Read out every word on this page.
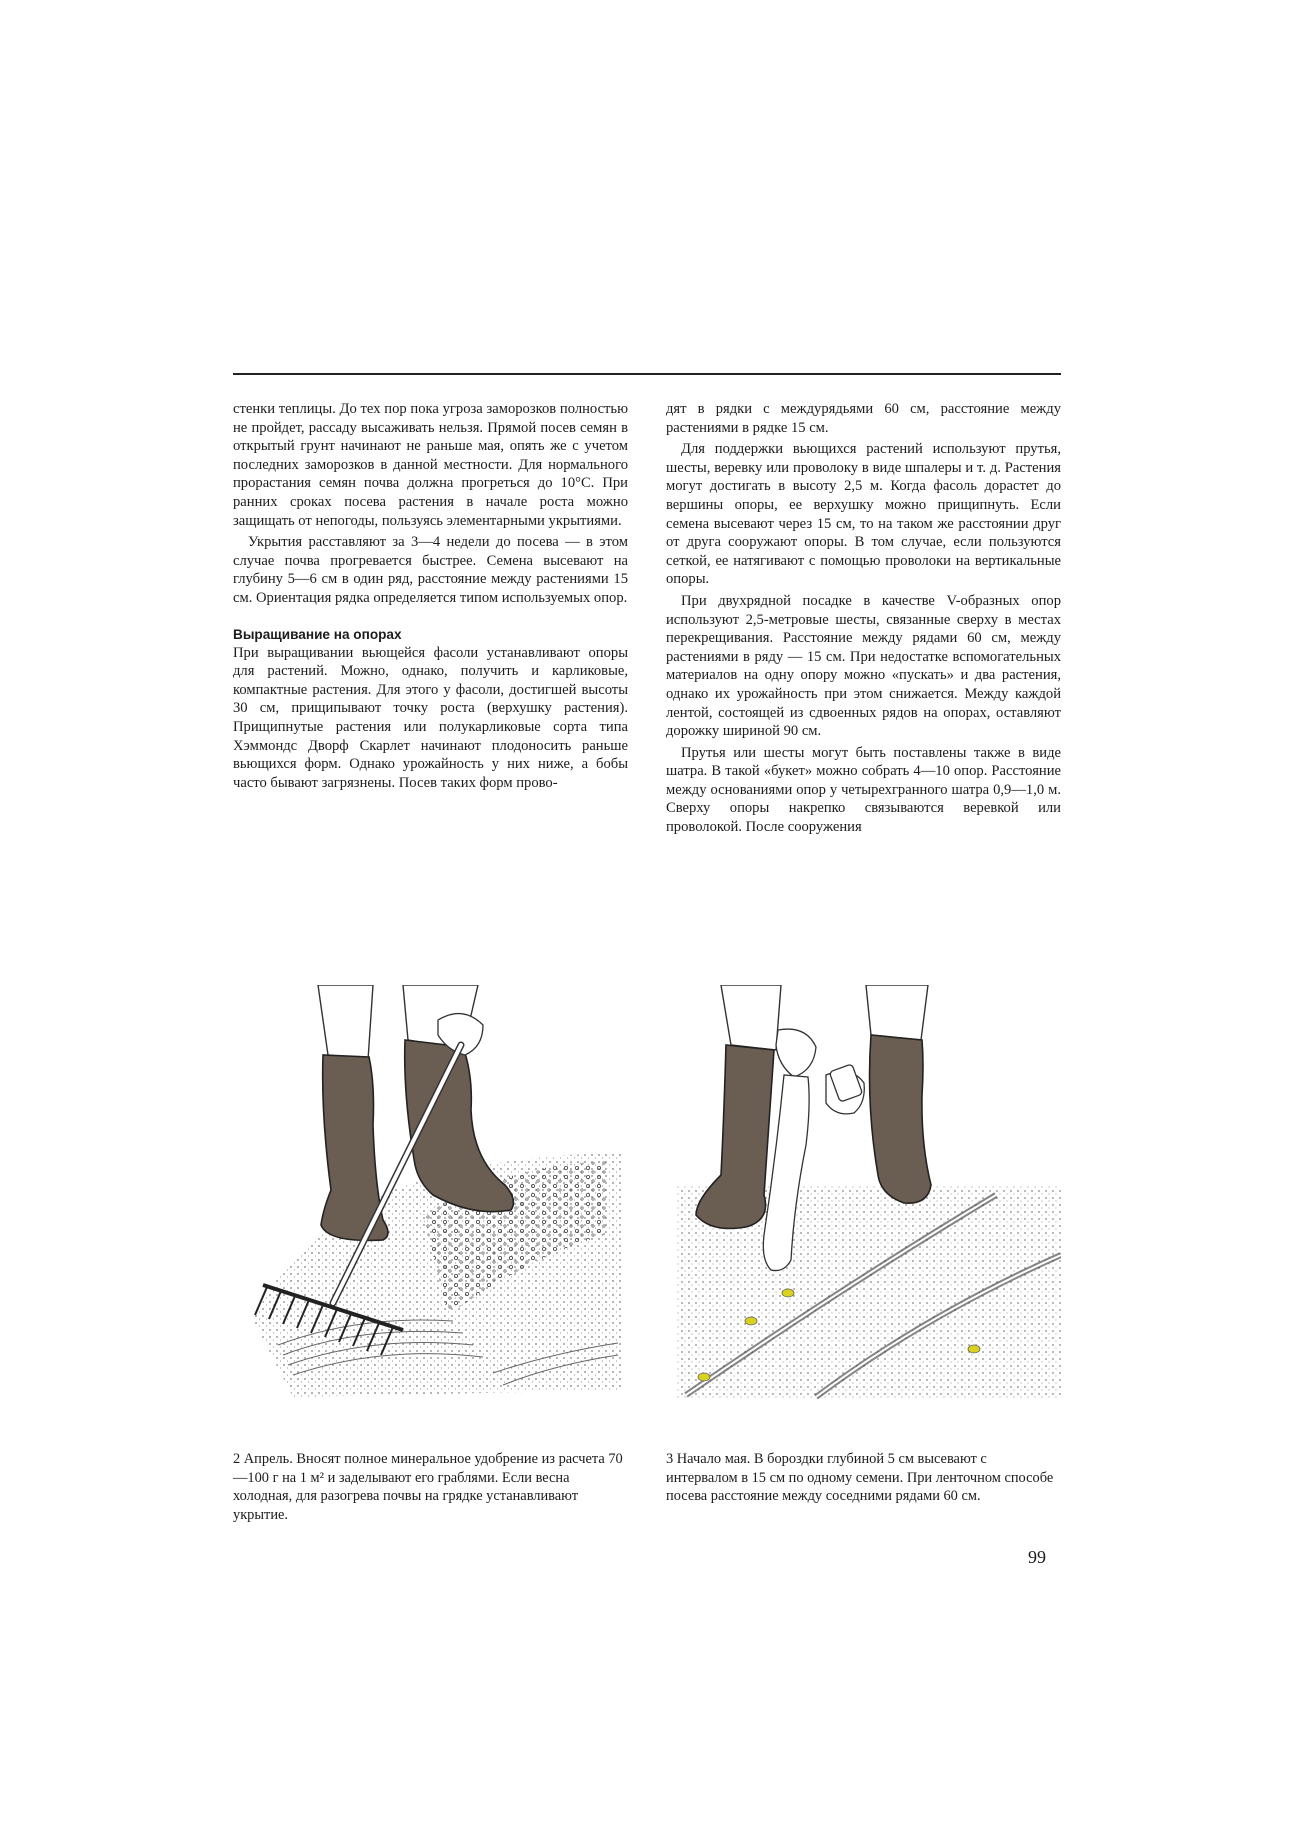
стенки теплицы. До тех пор пока угроза заморозков полностью не пройдет, рассаду высаживать нельзя. Прямой посев семян в открытый грунт начинают не раньше мая, опять же с учетом последних заморозков в данной местности. Для нормального прорастания семян почва должна прогреться до 10°С. При ранних сроках посева растения в начале роста можно защищать от непогоды, пользуясь элементарными укрытиями.

Укрытия расставляют за 3—4 недели до посева — в этом случае почва прогревается быстрее. Семена высевают на глубину 5—6 см в один ряд, расстояние между растениями 15 см. Ориентация рядка определяется типом используемых опор.

Выращивание на опорах

При выращивании вьющейся фасоли устанавливают опоры для растений. Можно, однако, получить и карликовые, компактные растения. Для этого у фасоли, достигшей высоты 30 см, прищипывают точку роста (верхушку растения). Прищипнутые растения или полукарликовые сорта типа Хэммондс Дворф Скарлет начинают плодоносить раньше вьющихся форм. Однако урожайность у них ниже, а бобы часто бывают загрязнены. Посев таких форм прово-

дят в рядки с междурядьями 60 см, расстояние между растениями в рядке 15 см.

Для поддержки вьющихся растений используют прутья, шесты, веревку или проволоку в виде шпалеры и т. д. Растения могут достигать в высоту 2,5 м. Когда фасоль дорастет до вершины опоры, ее верхушку можно прищипнуть. Если семена высевают через 15 см, то на таком же расстоянии друг от друга сооружают опоры. В том случае, если пользуются сеткой, ее натягивают с помощью проволоки на вертикальные опоры.

При двухрядной посадке в качестве V-образных опор используют 2,5-метровые шесты, связанные сверху в местах перекрещивания. Расстояние между рядами 60 см, между растениями в ряду — 15 см. При недостатке вспомогательных материалов на одну опору можно «пускать» и два растения, однако их урожайность при этом снижается. Между каждой лентой, состоящей из сдвоенных рядов на опорах, оставляют дорожку шириной 90 см.

Прутья или шесты могут быть поставлены также в виде шатра. В такой «букет» можно собрать 4—10 опор. Расстояние между основаниями опор у четырехгранного шатра 0,9—1,0 м. Сверху опоры накрепко связываются веревкой или проволокой. После сооружения

2 Апрель. Вносят полное минеральное удобрение из расчета 70—100 г на 1 м² и заделывают его граблями. Если весна холодная, для разогрева почвы на грядке устанавливают укрытие.
3 Начало мая. В бороздки глубиной 5 см высевают с интервалом в 15 см по одному семени. При ленточном способе посева расстояние между соседними рядами 60 см.
99
